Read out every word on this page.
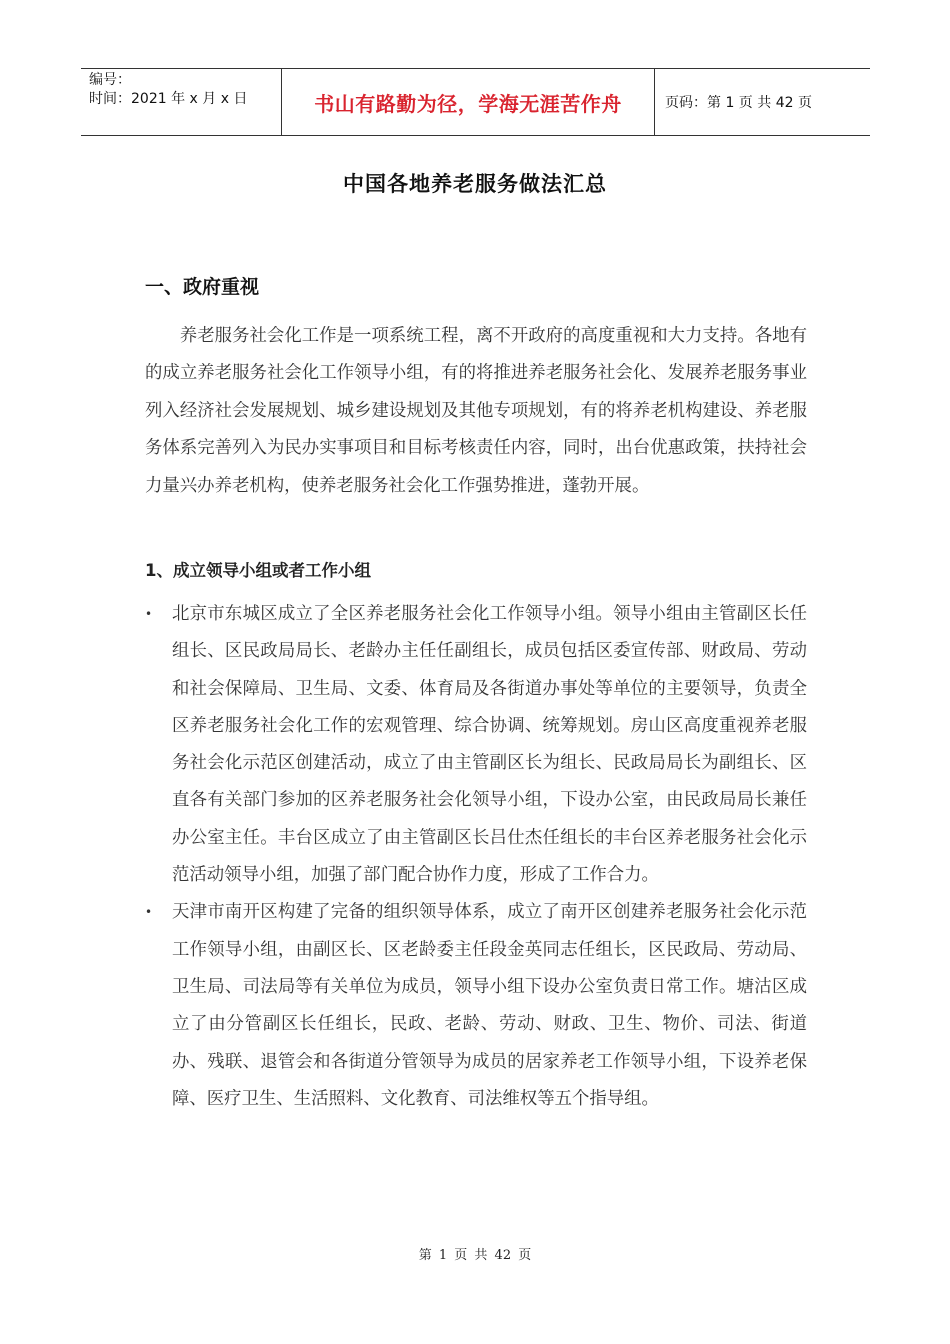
编号：
时间：2021 年 x 月 x 日	书山有路勤为径，学海无涯苦作舟	页码：第 1 页 共 42 页
中国各地养老服务做法汇总
一、政府重视

养老服务社会化工作是一项系统工程，离不开政府的高度重视和大力支持。各地有的成立养老服务社会化工作领导小组，有的将推进养老服务社会化、发展养老服务事业列入经济社会发展规划、城乡建设规划及其他专项规划，有的将养老机构建设、养老服务体系完善列入为民办实事项目和目标考核责任内容，同时，出台优惠政策，扶持社会力量兴办养老机构，使养老服务社会化工作强势推进，蓬勃开展。

1、成立领导小组或者工作小组
• 北京市东城区成立了全区养老服务社会化工作领导小组。领导小组由主管副区长任组长、区民政局局长、老龄办主任任副组长，成员包括区委宣传部、财政局、劳动和社会保障局、卫生局、文委、体育局及各街道办事处等单位的主要领导，负责全区养老服务社会化工作的宏观管理、综合协调、统筹规划。房山区高度重视养老服务社会化示范区创建活动，成立了由主管副区长为组长、民政局局长为副组长、区直各有关部门参加的区养老服务社会化领导小组，下设办公室，由民政局局长兼任办公室主任。丰台区成立了由主管副区长吕仕杰任组长的丰台区养老服务社会化示范活动领导小组，加强了部门配合协作力度，形成了工作合力。
• 天津市南开区构建了完备的组织领导体系，成立了南开区创建养老服务社会化示范工作领导小组，由副区长、区老龄委主任段金英同志任组长，区民政局、劳动局、卫生局、司法局等有关单位为成员，领导小组下设办公室负责日常工作。塘沽区成立了由分管副区长任组长，民政、老龄、劳动、财政、卫生、物价、司法、街道办、残联、退管会和各街道分管领导为成员的居家养老工作领导小组，下设养老保障、医疗卫生、生活照料、文化教育、司法维权等五个指导组。
第 1 页 共 42 页
